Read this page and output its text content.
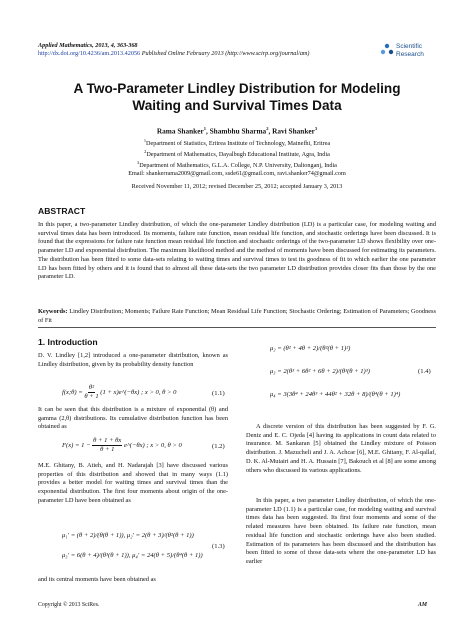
Applied Mathematics, 2013, 4, 363-368
http://dx.doi.org/10.4236/am.2013.42056 Published Online February 2013 (http://www.scirp.org/journal/am)
Scientific
Research
A Two-Parameter Lindley Distribution for Modeling
Waiting and Survival Times Data
Rama Shanker$^1$, Shambhu Sharma$^2$, Ravi Shanker$^3$
$^1$Department of Statistics, Eritrea Institute of Technology, Mainefhi, Eritrea
$^2$Department of Mathematics, Dayalbugh Educational Institute, Agra, India
$^3$Department of Mathematics, G.L.A. College, N.P. University, Daltonganj, India
Email: shankerrama2009@gmail.com, ssde61@gmail.com, ravi.shanker74@gmail.com
Received November 11, 2012; revised December 25, 2012; accepted January 3, 2013
ABSTRACT
In this paper, a two-parameter Lindley distribution, of which the one-parameter Lindley distribution (LD) is a particular case, for modeling waiting and survival times data has been introduced. Its moments, failure rate function, mean residual life function, and stochastic orderings have been discussed. It is found that the expressions for failure rate function mean residual life function and stochastic orderings of the two-parameter LD shows flexibility over one-parameter LD and exponential distribution. The maximum likelihood method and the method of moments have been discussed for estimating its parameters. The distribution has been fitted to some data-sets relating to waiting times and survival times to test its goodness of fit to which earlier the one parameter LD has been fitted by others and it is found that to almost all these data-sets the two parameter LD distribution provides closer fits than those by the one parameter LD.
Keywords: Lindley Distribution; Moments; Failure Rate Function; Mean Residual Life Function; Stochastic Ordering; Estimation of Parameters; Goodness of Fit
1. Introduction
D. V. Lindley [1,2] introduced a one-parameter distribution, known as Lindley distribution, given by its probability density function
f(x;θ) = $\frac{\text{θ²}}{\theta + 1} (1$ + x)e^(−θx) ; x > 0, θ > 0	(1.1)
It can be seen that this distribution is a mixture of exponential (θ) and gamma (2,θ) distributions. Its cumulative distribution function has been obtained as
$F(x) = 1 - \frac{\theta + 1 + \theta x}{\theta + 1}$ e^(−θx) ; x > 0, θ > 0	(1.2)
M.E. Ghitany, B. Atieh, and H. Nadarajah [3] have discussed various properties of this distribution and showed that in many ways (1.1) provides a better model for waiting times and survival times than the exponential distribution. The first four moments about origin of the one-parameter LD have been obtained as
μ₁′ = (θ + 2)/(θ(θ + 1)), μ₂′ = 2(θ + 3)/(θ²(θ + 1))
μ₃′ = 6(θ + 4)/(θ³(θ + 1)), μ₄′ = 24(θ + 5)/(θ⁴(θ + 1))
(1.3)
and its central moments have been obtained as
μ₂ = (θ² + 4θ + 2)/(θ²(θ + 1)²)
μ₃ = 2(θ³ + 6θ² + 6θ + 2)/(θ³(θ + 1)³)
μ₄ = 3(3θ⁴ + 24θ³ + 44θ² + 32θ + 8)/(θ⁴(θ + 1)⁴)
(1.4)
A discrete version of this distribution has been suggested by F. G. Deniz and E. C. Ojeda [4] having its applications in count data related to insurance. M. Sankaran [5] obtained the Lindley mixture of Poisson distribution. J. Mazucheli and J. A. Achcar [6], M.E. Ghitany, F. Al-qallaf, D. K. Al-Mutairi and H. A. Hussain [7], Bakouch et al [8] are some among others who discussed its various applications.
In this paper, a two parameter Lindley distribution, of which the one-parameter LD (1.1) is a particular case, for modeling waiting and survival times data has been suggested. Its first four moments and some of the related measures have been obtained. Its failure rate function, mean residual life function and stochastic orderings have also been studied. Estimation of its parameters has been discussed and the distribution has been fitted to some of those data-sets where the one-parameter LD has earlier
Copyright © 2013 SciRes.	AM
